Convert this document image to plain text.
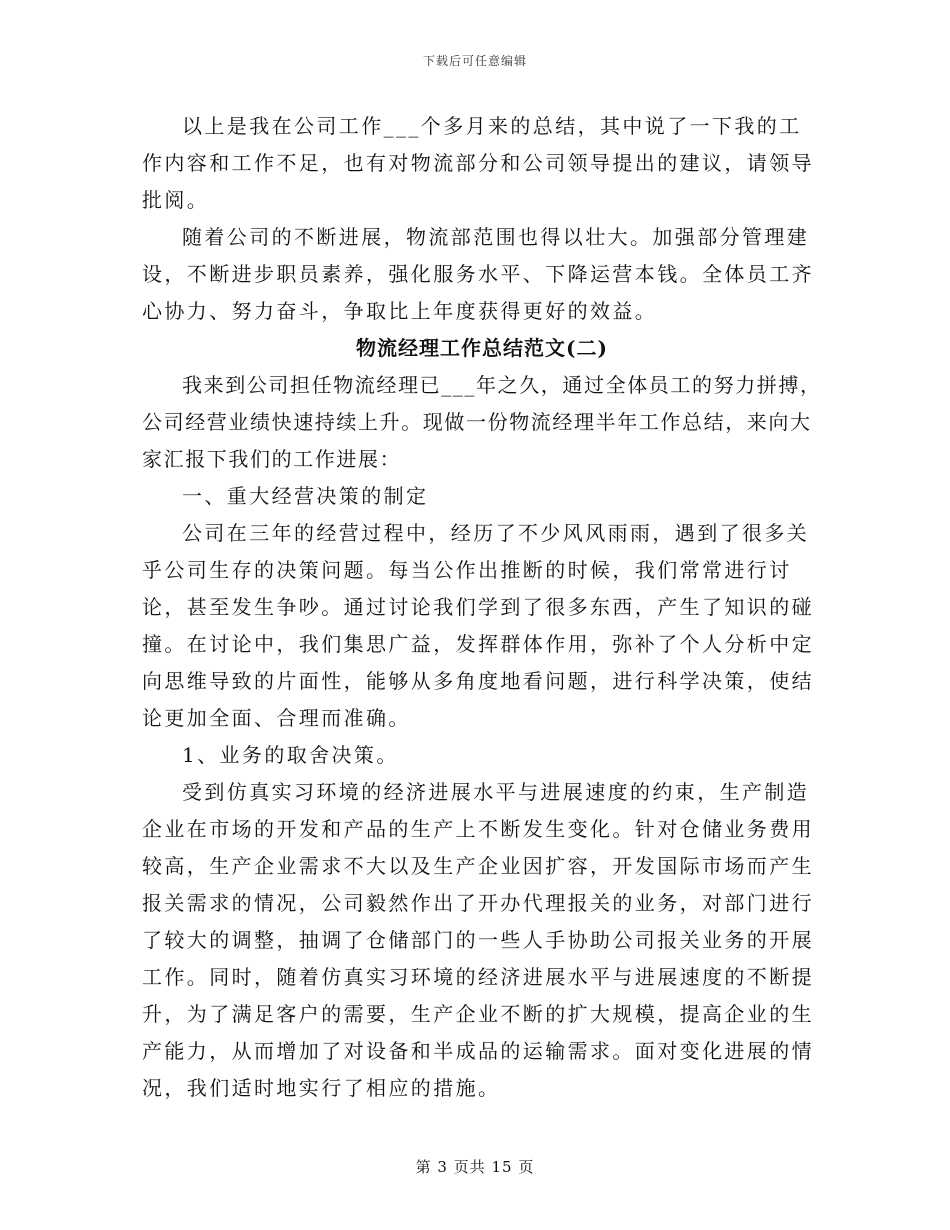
下载后可任意编辑

以上是我在公司工作___个多月来的总结，其中说了一下我的工作内容和工作不足，也有对物流部分和公司领导提出的建议，请领导批阅。

随着公司的不断进展，物流部范围也得以壮大。加强部分管理建设，不断进步职员素养，强化服务水平、下降运营本钱。全体员工齐心协力、努力奋斗，争取比上年度获得更好的效益。

物流经理工作总结范文(二)

我来到公司担任物流经理已___年之久，通过全体员工的努力拼搏，公司经营业绩快速持续上升。现做一份物流经理半年工作总结，来向大家汇报下我们的工作进展：

一、重大经营决策的制定

公司在三年的经营过程中，经历了不少风风雨雨，遇到了很多关乎公司生存的决策问题。每当公作出推断的时候，我们常常进行讨论，甚至发生争吵。通过讨论我们学到了很多东西，产生了知识的碰撞。在讨论中，我们集思广益，发挥群体作用，弥补了个人分析中定向思维导致的片面性，能够从多角度地看问题，进行科学决策，使结论更加全面、合理而准确。

1、业务的取舍决策。

受到仿真实习环境的经济进展水平与进展速度的约束，生产制造企业在市场的开发和产品的生产上不断发生变化。针对仓储业务费用较高，生产企业需求不大以及生产企业因扩容，开发国际市场而产生报关需求的情况，公司毅然作出了开办代理报关的业务，对部门进行了较大的调整，抽调了仓储部门的一些人手协助公司报关业务的开展工作。同时，随着仿真实习环境的经济进展水平与进展速度的不断提升，为了满足客户的需要，生产企业不断的扩大规模，提高企业的生产能力，从而增加了对设备和半成品的运输需求。面对变化进展的情况，我们适时地实行了相应的措施。

第 3 页共 15 页
